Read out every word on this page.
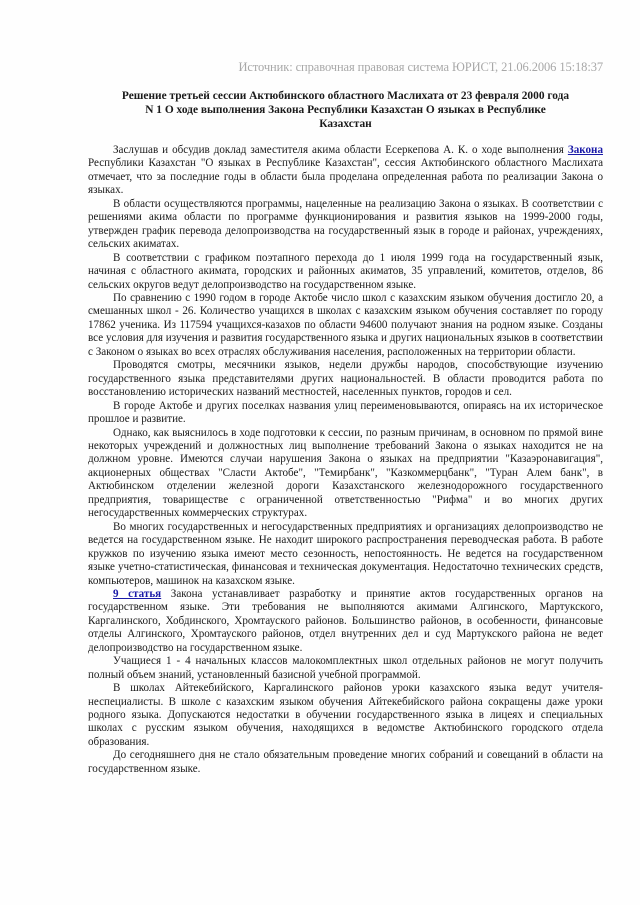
Источник: справочная правовая система ЮРИСТ, 21.06.2006 15:18:37
Решение третьей сессии Актюбинского областного Маслихата от 23 февраля 2000 года N 1 О ходе выполнения Закона Республики Казахстан О языках в Республике Казахстан

Заслушав и обсудив доклад заместителя акима области Есеркепова А. К. о ходе выполнения Закона Республики Казахстан "О языках в Республике Казахстан", сессия Актюбинского областного Маслихата отмечает, что за последние годы в области была проделана определенная работа по реализации Закона о языках.

В области осуществляются программы, нацеленные на реализацию Закона о языках. В соответствии с решениями акима области по программе функционирования и развития языков на 1999-2000 годы, утвержден график перевода делопроизводства на государственный язык в городе и районах, учреждениях, сельских акиматах.

В соответствии с графиком поэтапного перехода до 1 июля 1999 года на государственный язык, начиная с областного акимата, городских и районных акиматов, 35 управлений, комитетов, отделов, 86 сельских округов ведут делопроизводство на государственном языке.

По сравнению с 1990 годом в городе Актобе число школ с казахским языком обучения достигло 20, а смешанных школ - 26. Количество учащихся в школах с казахским языком обучения составляет по городу 17862 ученика. Из 117594 учащихся-казахов по области 94600 получают знания на родном языке. Созданы все условия для изучения и развития государственного языка и других национальных языков в соответствии с Законом о языках во всех отраслях обслуживания населения, расположенных на территории области.

Проводятся смотры, месячники языков, недели дружбы народов, способствующие изучению государственного языка представителями других национальностей. В области проводится работа по восстановлению исторических названий местностей, населенных пунктов, городов и сел.

В городе Актобе и других поселках названия улиц переименовываются, опираясь на их историческое прошлое и развитие.

Однако, как выяснилось в ходе подготовки к сессии, по разным причинам, в основном по прямой вине некоторых учреждений и должностных лиц выполнение требований Закона о языках находится не на должном уровне. Имеются случаи нарушения Закона о языках на предприятии "Казаэронавигация", акционерных обществах "Сласти Актобе", "Темирбанк", "Казкоммерцбанк", "Туран Алем банк", в Актюбинском отделении железной дороги Казахстанского железнодорожного государственного предприятия, товариществе с ограниченной ответственностью "Рифма" и во многих других негосударственных коммерческих структурах.

Во многих государственных и негосударственных предприятиях и организациях делопроизводство не ведется на государственном языке. Не находит широкого распространения переводческая работа. В работе кружков по изучению языка имеют место сезонность, непостоянность. Не ведется на государственном языке учетно-статистическая, финансовая и техническая документация. Недостаточно технических средств, компьютеров, машинок на казахском языке.

9 статья Закона устанавливает разработку и принятие актов государственных органов на государственном языке. Эти требования не выполняются акимами Алгинского, Мартукского, Каргалинского, Хобдинского, Хромтауского районов. Большинство районов, в особенности, финансовые отделы Алгинского, Хромтауского районов, отдел внутренних дел и суд Мартукского района не ведет делопроизводство на государственном языке.

Учащиеся 1 - 4 начальных классов малокомплектных школ отдельных районов не могут получить полный объем знаний, установленный базисной учебной программой.

В школах Айтекебийского, Каргалинского районов уроки казахского языка ведут учителя-неспециалисты. В школе с казахским языком обучения Айтекебийского района сокращены даже уроки родного языка. Допускаются недостатки в обучении государственного языка в лицеях и специальных школах с русским языком обучения, находящихся в ведомстве Актюбинского городского отдела образования.

До сегодняшнего дня не стало обязательным проведение многих собраний и совещаний в области на государственном языке.
